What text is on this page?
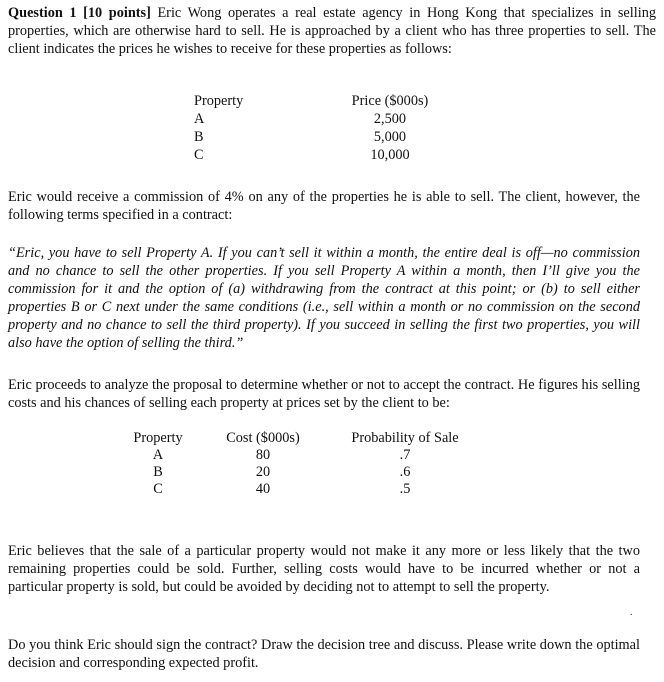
Question 1 [10 points] Eric Wong operates a real estate agency in Hong Kong that specializes in selling properties, which are otherwise hard to sell. He is approached by a client who has three properties to sell. The client indicates the prices he wishes to receive for these properties as follows:

Property	Price ($000s)
A	2,500
B	5,000
C	10,000

Eric would receive a commission of 4% on any of the properties he is able to sell. The client, however, the following terms specified in a contract:

“Eric, you have to sell Property A. If you can’t sell it within a month, the entire deal is off—no commission and no chance to sell the other properties. If you sell Property A within a month, then I’ll give you the commission for it and the option of (a) withdrawing from the contract at this point; or (b) to sell either properties B or C next under the same conditions (i.e., sell within a month or no commission on the second property and no chance to sell the third property). If you succeed in selling the first two properties, you will also have the option of selling the third.”

Eric proceeds to analyze the proposal to determine whether or not to accept the contract. He figures his selling costs and his chances of selling each property at prices set by the client to be:

Property	Cost ($000s)	Probability of Sale
A	80	.7
B	20	.6
C	40	.5

Eric believes that the sale of a particular property would not make it any more or less likely that the two remaining properties could be sold. Further, selling costs would have to be incurred whether or not a particular property is sold, but could be avoided by deciding not to attempt to sell the property.

.

Do you think Eric should sign the contract? Draw the decision tree and discuss. Please write down the optimal decision and corresponding expected profit.
